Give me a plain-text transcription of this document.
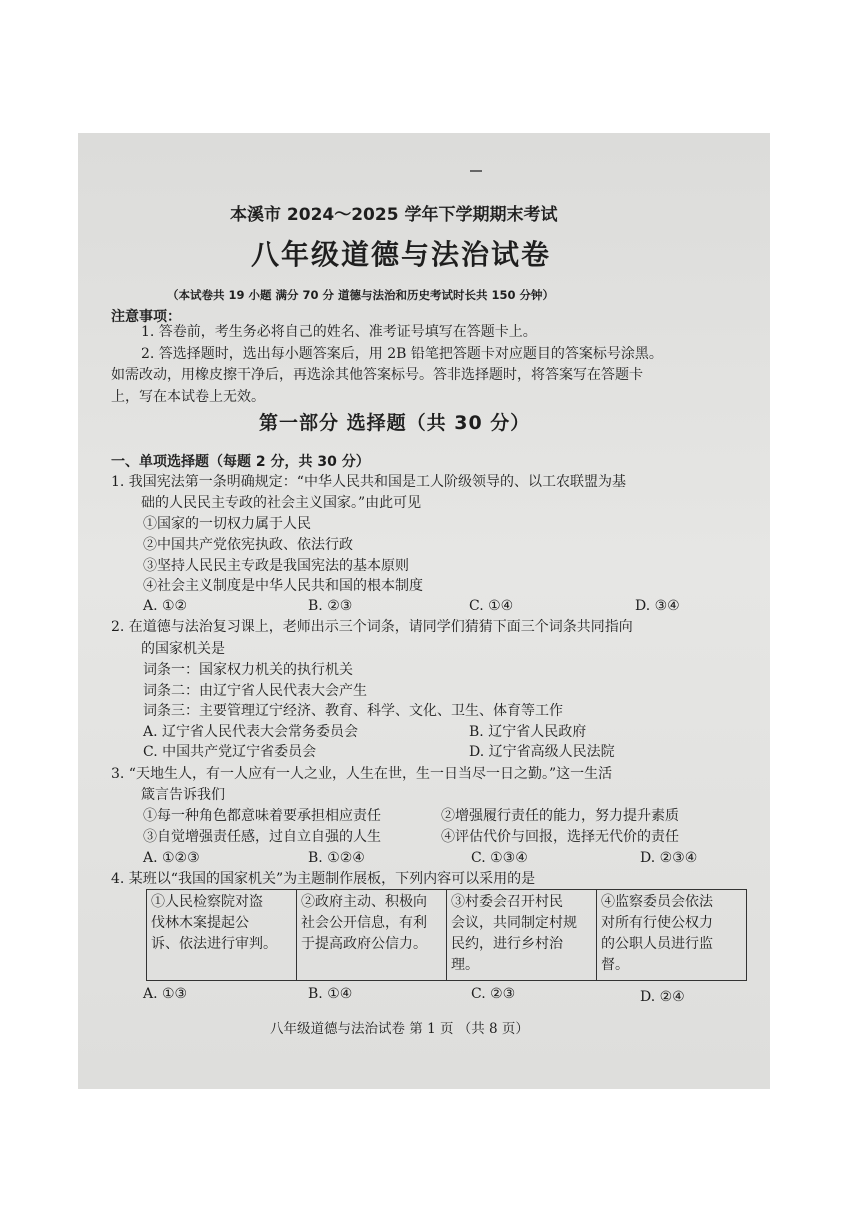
本溪市 2024～2025 学年下学期期末考试
八年级道德与法治试卷
（本试卷共 19 小题 满分 70 分 道德与法治和历史考试时长共 150 分钟）
注意事项：
1. 答卷前，考生务必将自己的姓名、准考证号填写在答题卡上。
2. 答选择题时，选出每小题答案后，用 2B 铅笔把答题卡对应题目的答案标号涂黑。
如需改动，用橡皮擦干净后，再选涂其他答案标号。答非选择题时，将答案写在答题卡
上，写在本试卷上无效。
第一部分 选择题（共 30 分）
一、单项选择题（每题 2 分，共 30 分）
1. 我国宪法第一条明确规定：“中华人民共和国是工人阶级领导的、以工农联盟为基
础的人民民主专政的社会主义国家。”由此可见
①国家的一切权力属于人民
②中国共产党依宪执政、依法行政
③坚持人民民主专政是我国宪法的基本原则
④社会主义制度是中华人民共和国的根本制度
A. ①②	B. ②③	C. ①④	D. ③④
2. 在道德与法治复习课上，老师出示三个词条，请同学们猜猜下面三个词条共同指向
的国家机关是
词条一：国家权力机关的执行机关
词条二：由辽宁省人民代表大会产生
词条三：主要管理辽宁经济、教育、科学、文化、卫生、体育等工作
A. 辽宁省人民代表大会常务委员会	B. 辽宁省人民政府
C. 中国共产党辽宁省委员会	D. 辽宁省高级人民法院
3. “天地生人，有一人应有一人之业，人生在世，生一日当尽一日之勤。”这一生活
箴言告诉我们
①每一种角色都意味着要承担相应责任	②增强履行责任的能力，努力提升素质
③自觉增强责任感，过自立自强的人生	④评估代价与回报，选择无代价的责任
A. ①②③	B. ①②④	C. ①③④	D. ②③④
4. 某班以“我国的国家机关”为主题制作展板，下列内容可以采用的是
①人民检察院对盗
伐林木案提起公
诉、依法进行审判。

②政府主动、积极向
社会公开信息，有利
于提高政府公信力。

③村委会召开村民
会议，共同制定村规
民约，进行乡村治
理。

④监察委员会依法
对所有行使公权力
的公职人员进行监
督。
A. ①③	B. ①④	C. ②③	D. ②④
八年级道德与法治试卷 第 1 页 （共 8 页）
